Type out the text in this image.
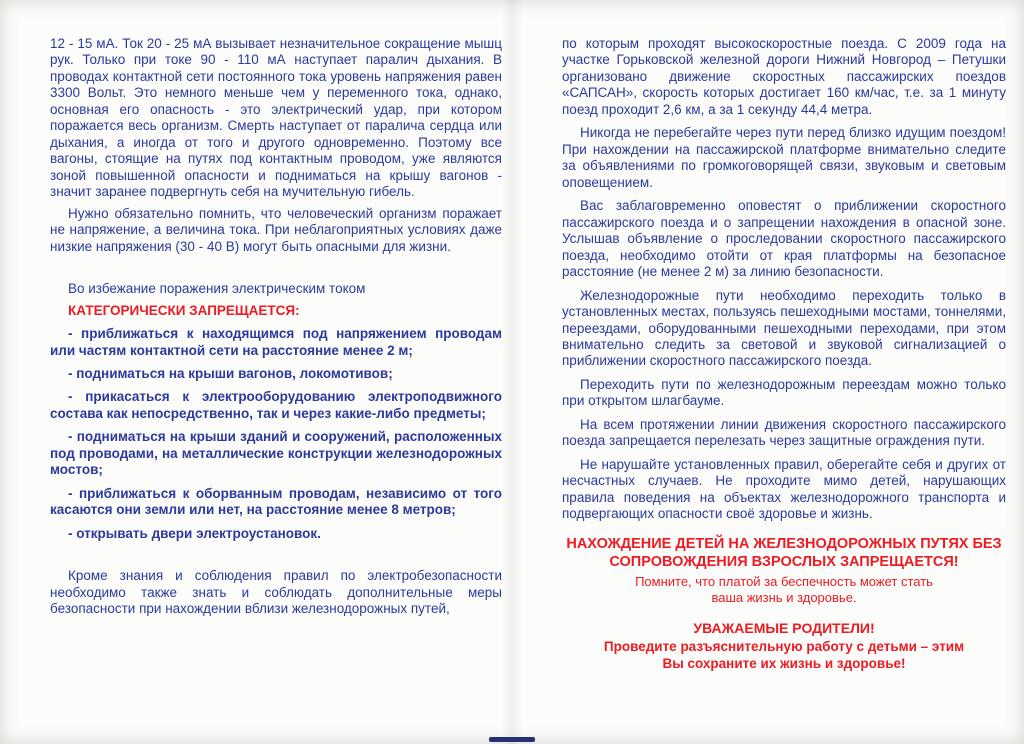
12 - 15 мА. Ток 20 - 25 мА вызывает незначительное сокращение мышц рук. Только при токе 90 - 110 мА наступает паралич дыхания. В проводах контактной сети постоянного тока уровень напряжения равен 3300 Вольт. Это немного меньше чем у переменного тока, однако, основная его опасность - это электрический удар, при котором поражается весь организм. Смерть наступает от паралича сердца или дыхания, а иногда от того и другого одновременно. Поэтому все вагоны, стоящие на путях под контактным проводом, уже являются зоной повышенной опасности и подниматься на крышу вагонов - значит заранее подвергнуть себя на мучительную гибель.
Нужно обязательно помнить, что человеческий организм поражает не напряжение, а величина тока. При неблагоприятных условиях даже низкие напряжения (30 - 40 В) могут быть опасными для жизни.
Во избежание поражения электрическим током
КАТЕГОРИЧЕСКИ ЗАПРЕЩАЕТСЯ:
- приближаться к находящимся под напряжением проводам или частям контактной сети на расстояние менее 2 м;
- подниматься на крыши вагонов, локомотивов;
- прикасаться к электрооборудованию электроподвижного состава как непосредственно, так и через какие-либо предметы;
- подниматься на крыши зданий и сооружений, расположенных под проводами, на металлические конструкции железнодорожных мостов;
- приближаться к оборванным проводам, независимо от того касаются они земли или нет, на расстояние менее 8 метров;
- открывать двери электроустановок.
Кроме знания и соблюдения правил по электробезопасности необходимо также знать и соблюдать дополнительные меры безопасности при нахождении вблизи железнодорожных путей,
по которым проходят высокоскоростные поезда. С 2009 года на участке Горьковской железной дороги Нижний Новгород – Петушки организовано движение скоростных пассажирских поездов «САПСАН», скорость которых достигает 160 км/час, т.е. за 1 минуту поезд проходит 2,6 км, а за 1 секунду 44,4 метра.
Никогда не перебегайте через пути перед близко идущим поездом! При нахождении на пассажирской платформе внимательно следите за объявлениями по громкоговорящей связи, звуковым и световым оповещением.
Вас заблаговременно оповестят о приближении скоростного пассажирского поезда и о запрещении нахождения в опасной зоне. Услышав объявление о проследовании скоростного пассажирского поезда, необходимо отойти от края платформы на безопасное расстояние (не менее 2 м) за линию безопасности.
Железнодорожные пути необходимо переходить только в установленных местах, пользуясь пешеходными мостами, тоннелями, переездами, оборудованными пешеходными переходами, при этом внимательно следить за световой и звуковой сигнализацией о приближении скоростного пассажирского поезда.
Переходить пути по железнодорожным переездам можно только при открытом шлагбауме.
На всем протяжении линии движения скоростного пассажирского поезда запрещается перелезать через защитные ограждения пути.
Не нарушайте установленных правил, оберегайте себя и других от несчастных случаев. Не проходите мимо детей, нарушающих правила поведения на объектах железнодорожного транспорта и подвергающих опасности своё здоровье и жизнь.
НАХОЖДЕНИЕ ДЕТЕЙ НА ЖЕЛЕЗНОДОРОЖНЫХ ПУТЯХ БЕЗ СОПРОВОЖДЕНИЯ ВЗРОСЛЫХ ЗАПРЕЩАЕТСЯ!
Помните, что платой за беспечность может стать ваша жизнь и здоровье.
УВАЖАЕМЫЕ РОДИТЕЛИ!
Проведите разъяснительную работу с детьми – этим Вы сохраните их жизнь и здоровье!
